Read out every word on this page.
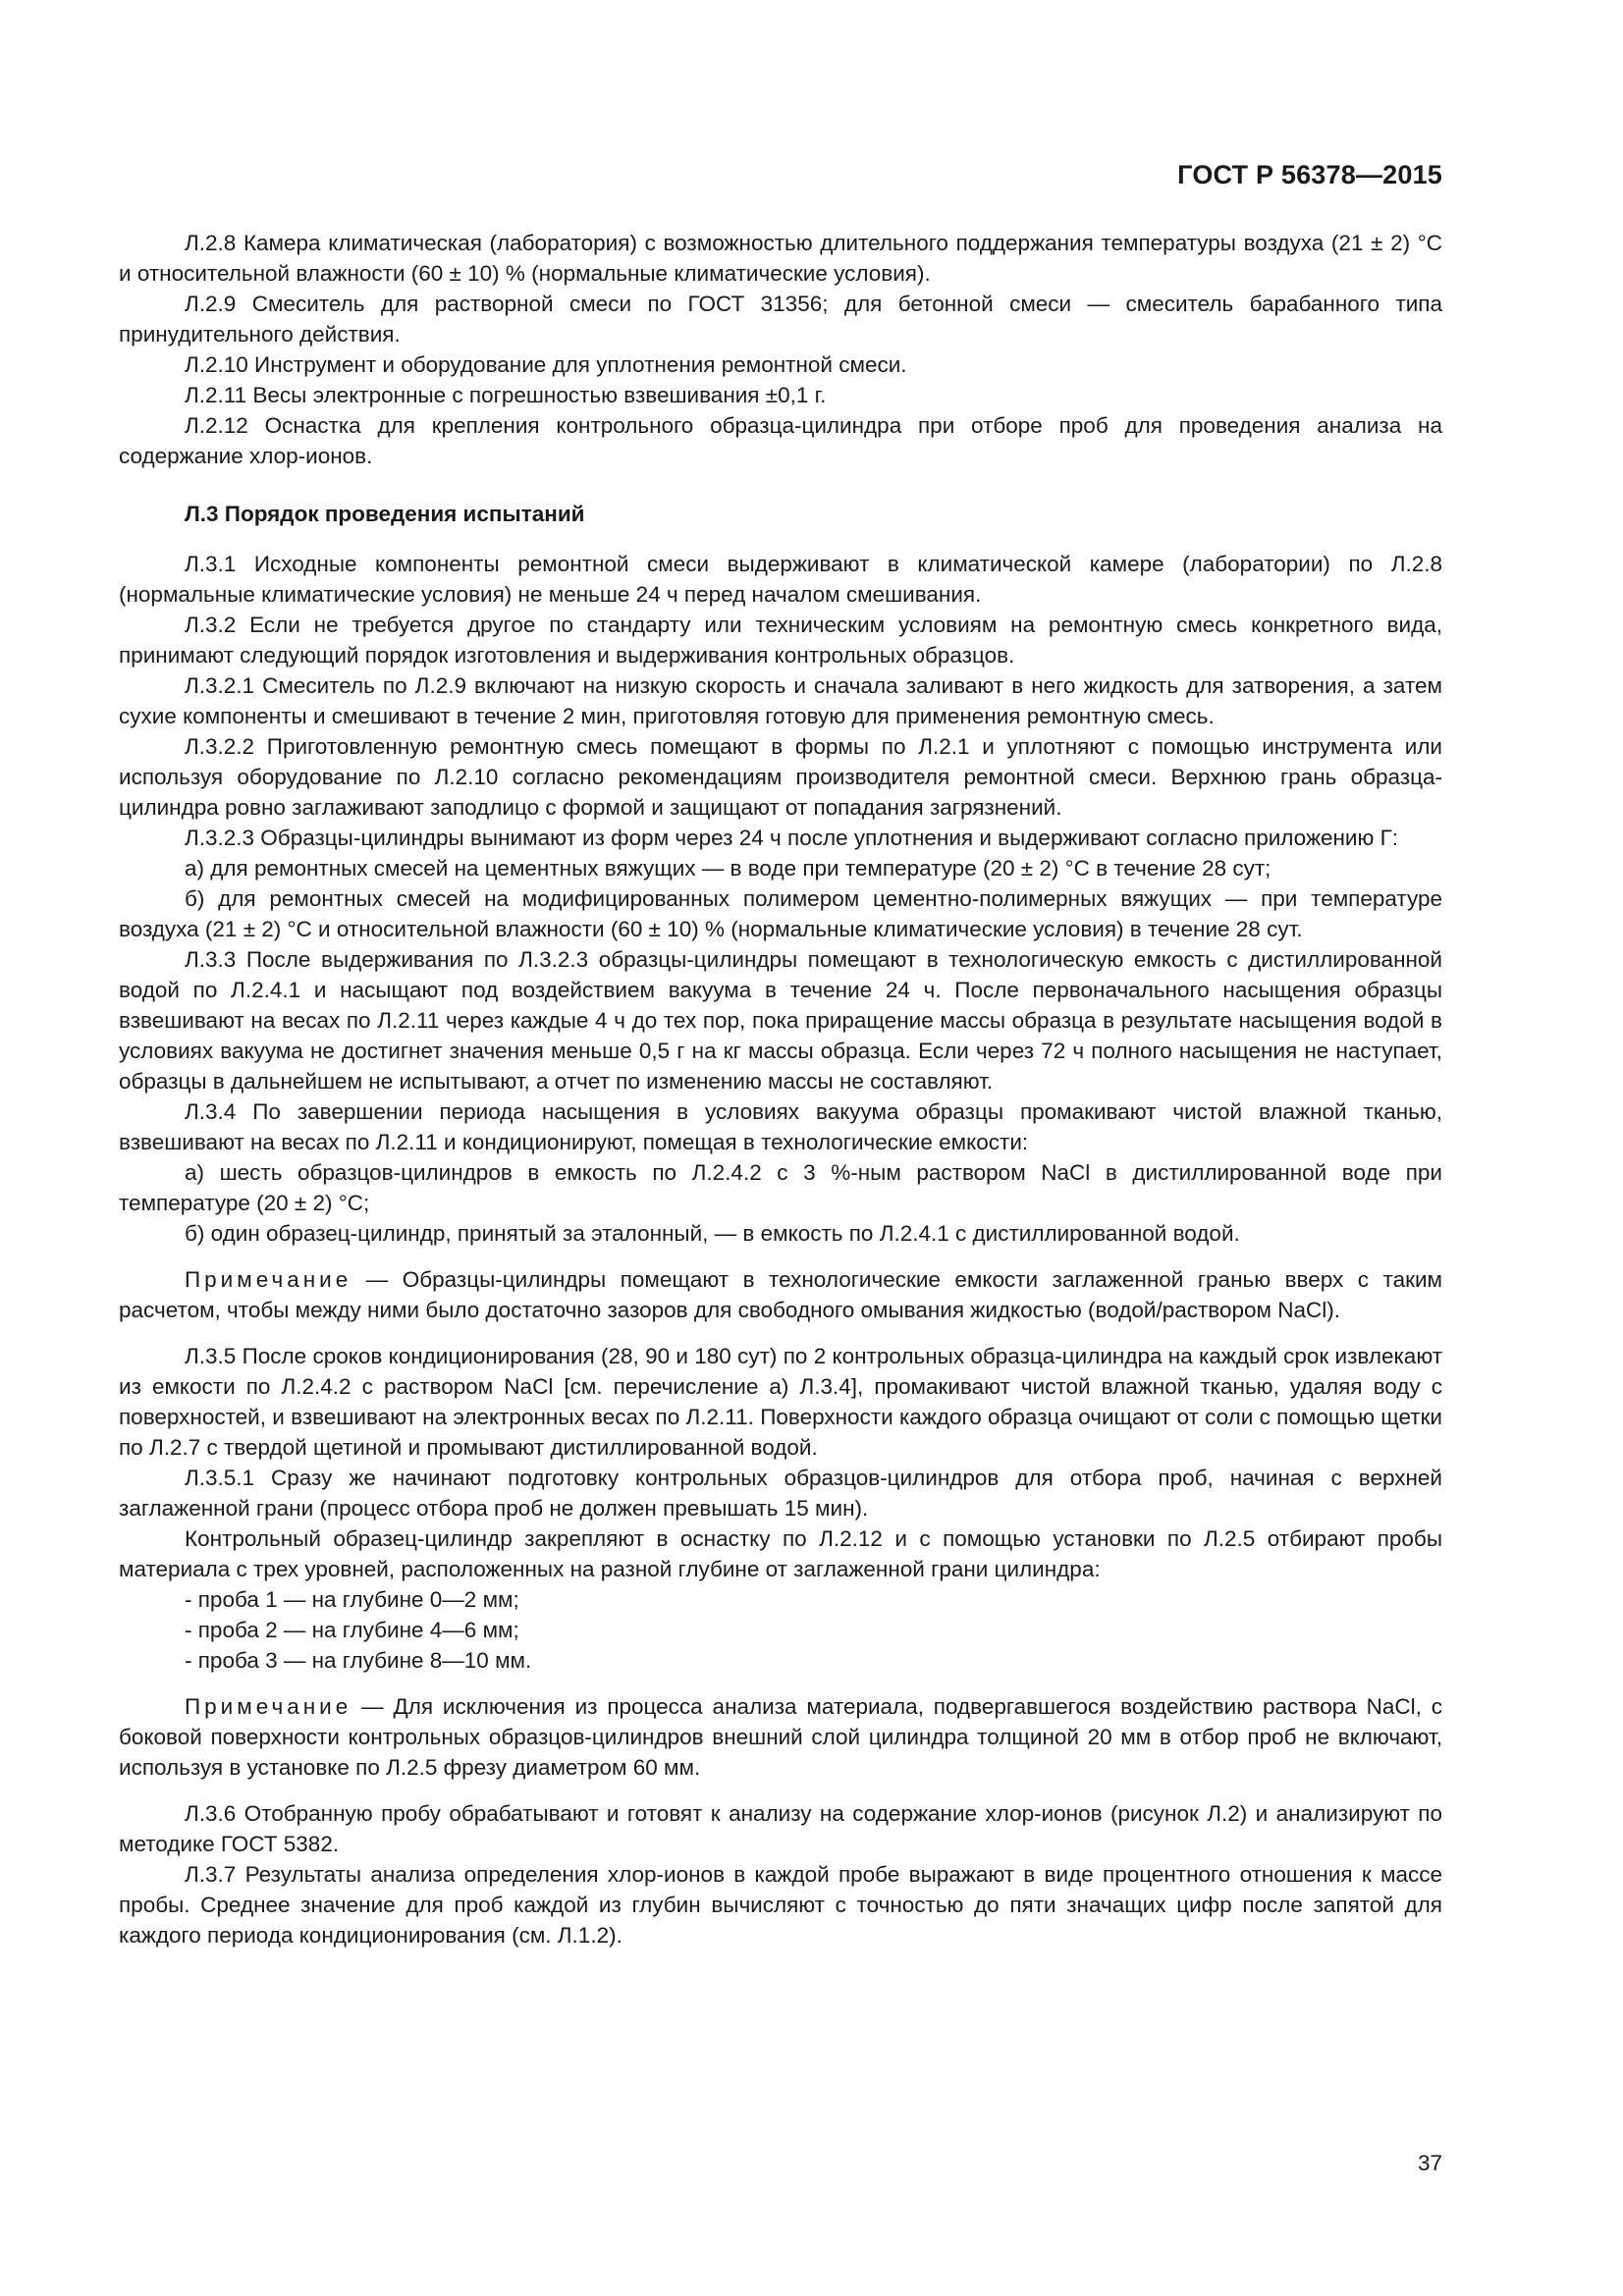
ГОСТ Р 56378—2015

Л.2.8 Камера климатическая (лаборатория) с возможностью длительного поддержания температуры воздуха (21 ± 2) °С и относительной влажности (60 ± 10) % (нормальные климатические условия).

Л.2.9 Смеситель для растворной смеси по ГОСТ 31356; для бетонной смеси — смеситель барабанного типа принудительного действия.

Л.2.10 Инструмент и оборудование для уплотнения ремонтной смеси.

Л.2.11 Весы электронные с погрешностью взвешивания ±0,1 г.

Л.2.12 Оснастка для крепления контрольного образца-цилиндра при отборе проб для проведения анализа на содержание хлор-ионов.

Л.3 Порядок проведения испытаний

Л.3.1 Исходные компоненты ремонтной смеси выдерживают в климатической камере (лаборатории) по Л.2.8 (нормальные климатические условия) не меньше 24 ч перед началом смешивания.

Л.3.2 Если не требуется другое по стандарту или техническим условиям на ремонтную смесь конкретного вида, принимают следующий порядок изготовления и выдерживания контрольных образцов.

Л.3.2.1 Смеситель по Л.2.9 включают на низкую скорость и сначала заливают в него жидкость для затворения, а затем сухие компоненты и смешивают в течение 2 мин, приготовляя готовую для применения ремонтную смесь.

Л.3.2.2 Приготовленную ремонтную смесь помещают в формы по Л.2.1 и уплотняют с помощью инструмента или используя оборудование по Л.2.10 согласно рекомендациям производителя ремонтной смеси. Верхнюю грань образца-цилиндра ровно заглаживают заподлицо с формой и защищают от попадания загрязнений.

Л.3.2.3 Образцы-цилиндры вынимают из форм через 24 ч после уплотнения и выдерживают согласно приложению Г:

а) для ремонтных смесей на цементных вяжущих — в воде при температуре (20 ± 2) °С в течение 28 сут;

б) для ремонтных смесей на модифицированных полимером цементно-полимерных вяжущих — при температуре воздуха (21 ± 2) °С и относительной влажности (60 ± 10) % (нормальные климатические условия) в течение 28 сут.

Л.3.3 После выдерживания по Л.3.2.3 образцы-цилиндры помещают в технологическую емкость с дистиллированной водой по Л.2.4.1 и насыщают под воздействием вакуума в течение 24 ч. После первоначального насыщения образцы взвешивают на весах по Л.2.11 через каждые 4 ч до тех пор, пока приращение массы образца в результате насыщения водой в условиях вакуума не достигнет значения меньше 0,5 г на кг массы образца. Если через 72 ч полного насыщения не наступает, образцы в дальнейшем не испытывают, а отчет по изменению массы не составляют.

Л.3.4 По завершении периода насыщения в условиях вакуума образцы промакивают чистой влажной тканью, взвешивают на весах по Л.2.11 и кондиционируют, помещая в технологические емкости:

а) шесть образцов-цилиндров в емкость по Л.2.4.2 с 3 %-ным раствором NaCl в дистиллированной воде при температуре (20 ± 2) °С;

б) один образец-цилиндр, принятый за эталонный, — в емкость по Л.2.4.1 с дистиллированной водой.

Примечание — Образцы-цилиндры помещают в технологические емкости заглаженной гранью вверх с таким расчетом, чтобы между ними было достаточно зазоров для свободного омывания жидкостью (водой/раствором NaCl).

Л.3.5 После сроков кондиционирования (28, 90 и 180 сут) по 2 контрольных образца-цилиндра на каждый срок извлекают из емкости по Л.2.4.2 с раствором NaCl [см. перечисление а) Л.3.4], промакивают чистой влажной тканью, удаляя воду с поверхностей, и взвешивают на электронных весах по Л.2.11. Поверхности каждого образца очищают от соли с помощью щетки по Л.2.7 с твердой щетиной и промывают дистиллированной водой.

Л.3.5.1 Сразу же начинают подготовку контрольных образцов-цилиндров для отбора проб, начиная с верхней заглаженной грани (процесс отбора проб не должен превышать 15 мин).

Контрольный образец-цилиндр закрепляют в оснастку по Л.2.12 и с помощью установки по Л.2.5 отбирают пробы материала с трех уровней, расположенных на разной глубине от заглаженной грани цилиндра:

- проба 1 — на глубине 0—2 мм;
- проба 2 — на глубине 4—6 мм;
- проба 3 — на глубине 8—10 мм.

Примечание — Для исключения из процесса анализа материала, подвергавшегося воздействию раствора NaCl, с боковой поверхности контрольных образцов-цилиндров внешний слой цилиндра толщиной 20 мм в отбор проб не включают, используя в установке по Л.2.5 фрезу диаметром 60 мм.

Л.3.6 Отобранную пробу обрабатывают и готовят к анализу на содержание хлор-ионов (рисунок Л.2) и анализируют по методике ГОСТ 5382.

Л.3.7 Результаты анализа определения хлор-ионов в каждой пробе выражают в виде процентного отношения к массе пробы. Среднее значение для проб каждой из глубин вычисляют с точностью до пяти значащих цифр после запятой для каждого периода кондиционирования (см. Л.1.2).

37
